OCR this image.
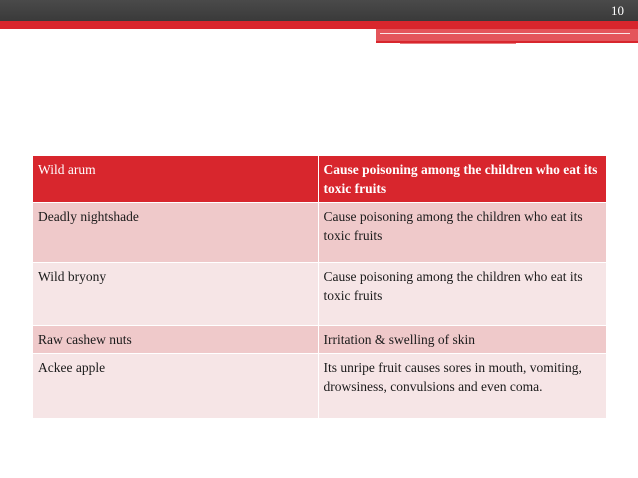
10
Wild arum	Cause poisoning among the children who eat its toxic fruits
Deadly nightshade	Cause poisoning among the children who eat its toxic fruits
Wild bryony	Cause poisoning among the children who eat its toxic fruits
Raw cashew nuts	Irritation & swelling of skin
Ackee apple	Its unripe fruit causes sores in mouth, vomiting, drowsiness, convulsions and even coma.
